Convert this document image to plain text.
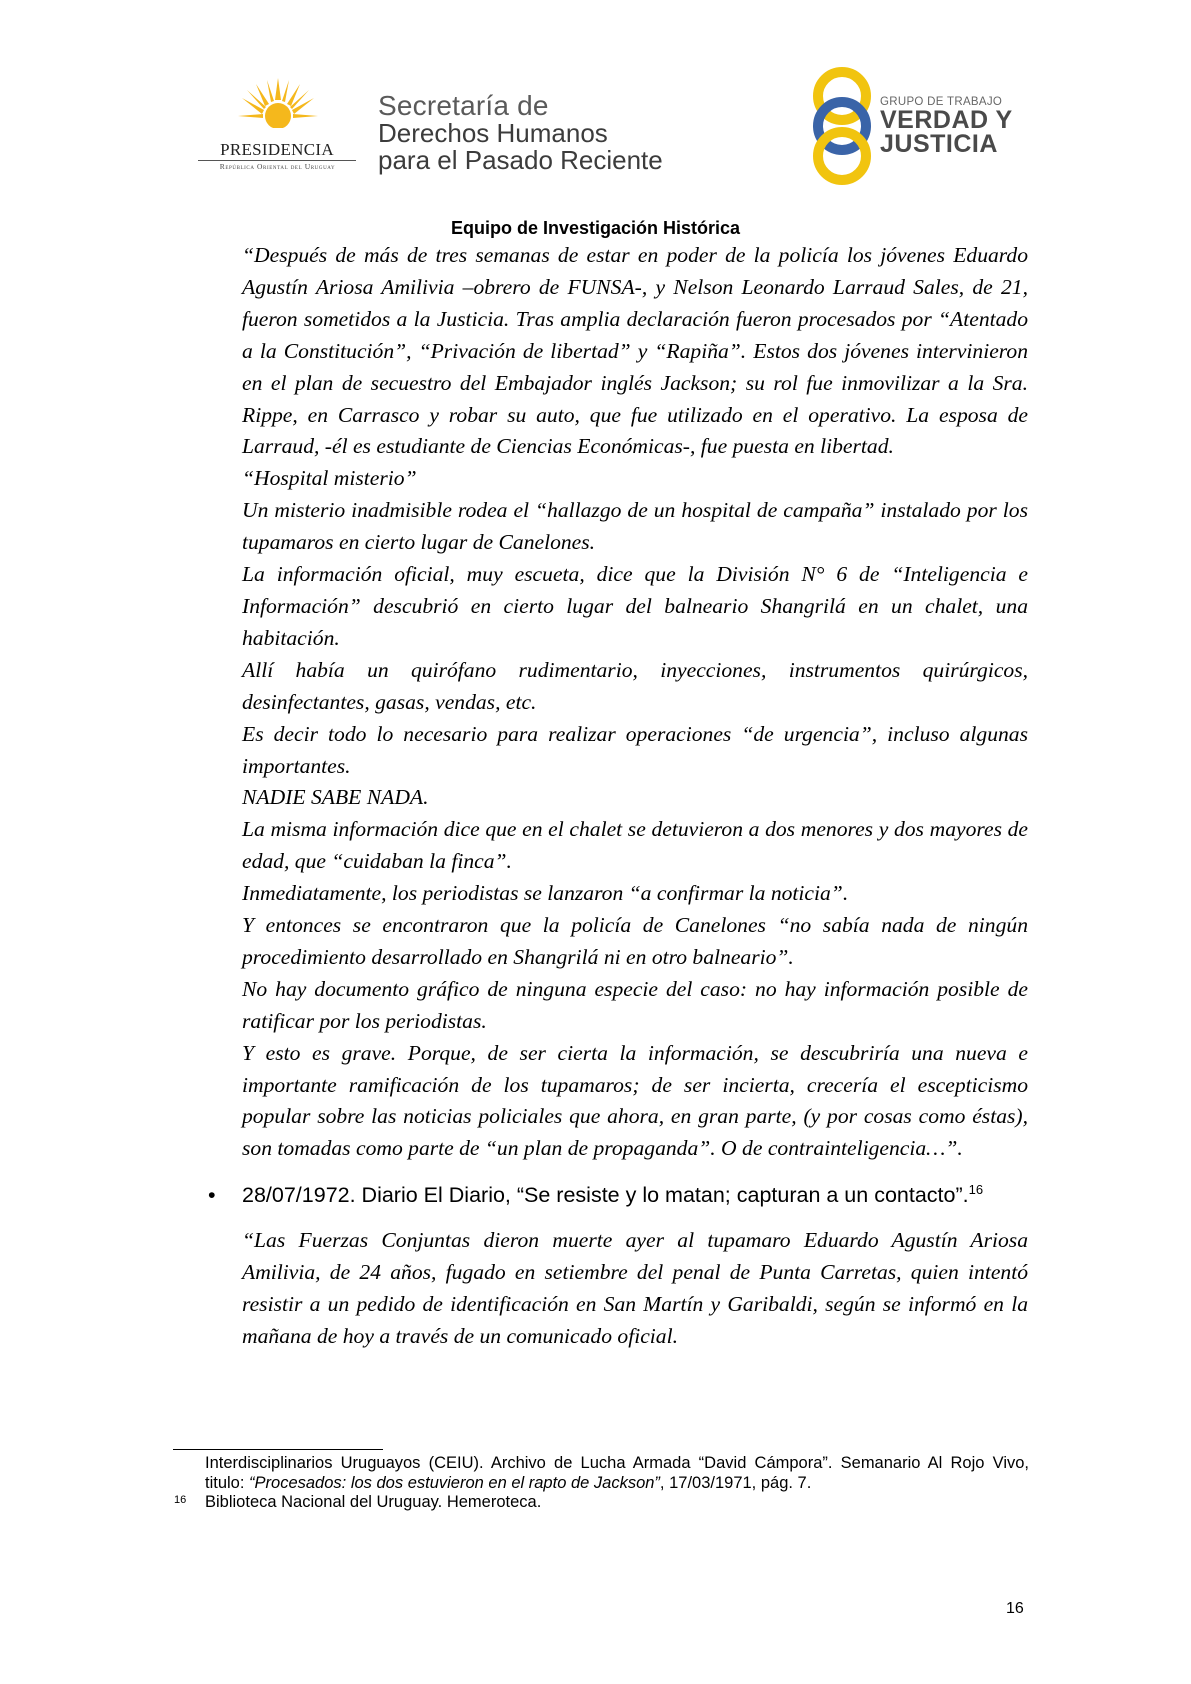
PRESIDENCIA
República Oriental del Uruguay
Secretaría de
Derechos Humanos
para el Pasado Reciente
GRUPO DE TRABAJO
VERDAD Y
JUSTICIA
Equipo de Investigación Histórica

“Después de más de tres semanas de estar en poder de la policía los jóvenes Eduardo Agustín Ariosa Amilivia –obrero de FUNSA-, y Nelson Leonardo Larraud Sales, de 21, fueron sometidos a la Justicia. Tras amplia declaración fueron procesados por “Atentado a la Constitución”, “Privación de libertad” y “Rapiña”. Estos dos jóvenes intervinieron en el plan de secuestro del Embajador inglés Jackson; su rol fue inmovilizar a la Sra. Rippe, en Carrasco y robar su auto, que fue utilizado en el operativo. La esposa de Larraud, -él es estudiante de Ciencias Económicas-, fue puesta en libertad.

“Hospital misterio”

Un misterio inadmisible rodea el “hallazgo de un hospital de campaña” instalado por los tupamaros en cierto lugar de Canelones.

La información oficial, muy escueta, dice que la División N° 6 de “Inteligencia e Información” descubrió en cierto lugar del balneario Shangrilá en un chalet, una habitación.

Allí había un quirófano rudimentario, inyecciones, instrumentos quirúrgicos, desinfectantes, gasas, vendas, etc.

Es decir todo lo necesario para realizar operaciones “de urgencia”, incluso algunas importantes.

NADIE SABE NADA.

La misma información dice que en el chalet se detuvieron a dos menores y dos mayores de edad, que “cuidaban la finca”.

Inmediatamente, los periodistas se lanzaron “a confirmar la noticia”.

Y entonces se encontraron que la policía de Canelones “no sabía nada de ningún procedimiento desarrollado en Shangrilá ni en otro balneario”.

No hay documento gráfico de ninguna especie del caso: no hay información posible de ratificar por los periodistas.

Y esto es grave. Porque, de ser cierta la información, se descubriría una nueva e importante ramificación de los tupamaros; de ser incierta, crecería el escepticismo popular sobre las noticias policiales que ahora, en gran parte, (y por cosas como éstas), son tomadas como parte de “un plan de propaganda”. O de contrainteligencia…”.

• 28/07/1972. Diario El Diario, “Se resiste y lo matan; capturan a un contacto”.$^{16}$

“Las Fuerzas Conjuntas dieron muerte ayer al tupamaro Eduardo Agustín Ariosa Amilivia, de 24 años, fugado en setiembre del penal de Punta Carretas, quien intentó resistir a un pedido de identificación en San Martín y Garibaldi, según se informó en la mañana de hoy a través de un comunicado oficial.

Interdisciplinarios Uruguayos (CEIU). Archivo de Lucha Armada “David Cámpora”. Semanario Al Rojo Vivo, titulo: “Procesados: los dos estuvieron en el rapto de Jackson”, 17/03/1971, pág. 7.
16 Biblioteca Nacional del Uruguay. Hemeroteca.
16
